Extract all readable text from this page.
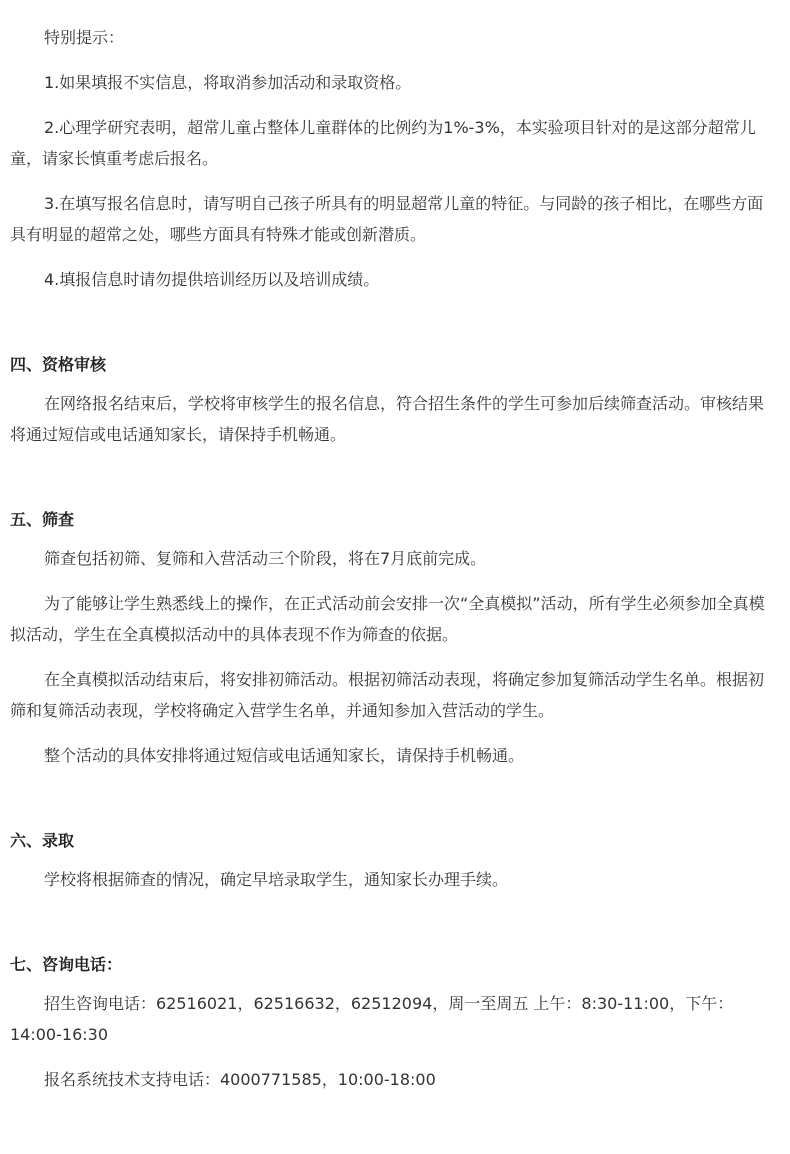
特别提示：

1.如果填报不实信息，将取消参加活动和录取资格。

2.心理学研究表明，超常儿童占整体儿童群体的比例约为1%-3%，本实验项目针对的是这部分超常儿童，请家长慎重考虑后报名。

3.在填写报名信息时，请写明自己孩子所具有的明显超常儿童的特征。与同龄的孩子相比，在哪些方面具有明显的超常之处，哪些方面具有特殊才能或创新潜质。

4.填报信息时请勿提供培训经历以及培训成绩。

四、资格审核

在网络报名结束后，学校将审核学生的报名信息，符合招生条件的学生可参加后续筛查活动。审核结果将通过短信或电话通知家长，请保持手机畅通。

五、筛查

筛查包括初筛、复筛和入营活动三个阶段，将在7月底前完成。

为了能够让学生熟悉线上的操作，在正式活动前会安排一次“全真模拟”活动，所有学生必须参加全真模拟活动，学生在全真模拟活动中的具体表现不作为筛查的依据。

在全真模拟活动结束后，将安排初筛活动。根据初筛活动表现，将确定参加复筛活动学生名单。根据初筛和复筛活动表现，学校将确定入营学生名单，并通知参加入营活动的学生。

整个活动的具体安排将通过短信或电话通知家长，请保持手机畅通。

六、录取

学校将根据筛查的情况，确定早培录取学生，通知家长办理手续。

七、咨询电话：

招生咨询电话：62516021，62516632，62512094，周一至周五 上午：8:30-11:00，下午：14:00-16:30

报名系统技术支持电话：4000771585，10:00-18:00
